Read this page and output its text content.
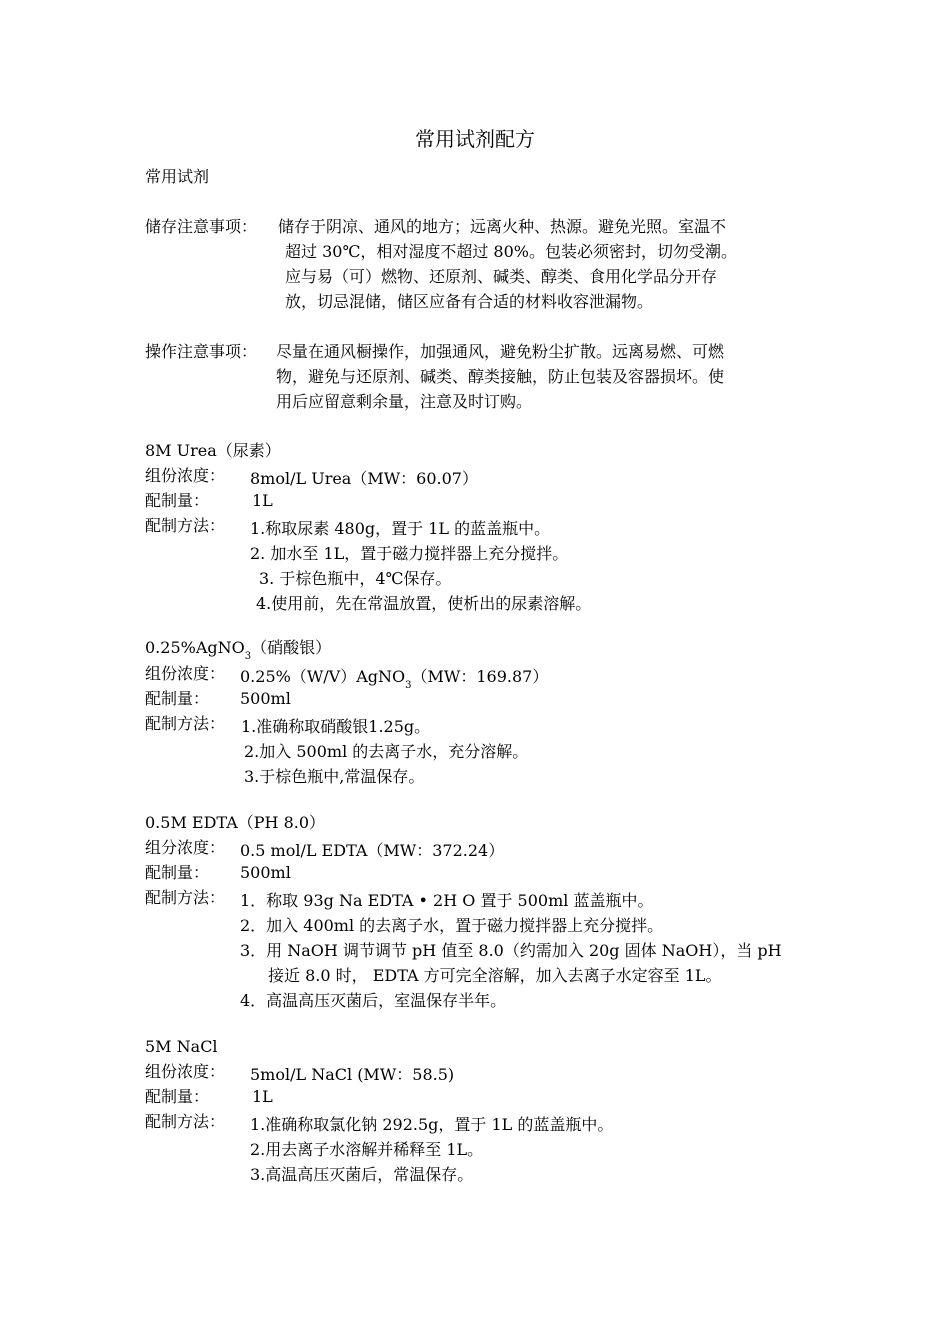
常用试剂配方
常用试剂
储存注意事项： 储存于阴凉、通风的地方；远离火种、热源。避免光照。室温不
超过 30℃，相对湿度不超过 80%。包装必须密封，切勿受潮。
应与易（可）燃物、还原剂、碱类、醇类、食用化学品分开存
放，切忌混储，储区应备有合适的材料收容泄漏物。
操作注意事项： 尽量在通风橱操作，加强通风，避免粉尘扩散。远离易燃、可燃
物，避免与还原剂、碱类、醇类接触，防止包装及容器损坏。使
用后应留意剩余量，注意及时订购。
8M Urea（尿素）
组份浓度： 8mol/L Urea（MW：60.07）
配制量：	1L
配制方法： 1.称取尿素 480g，置于 1L 的蓝盖瓶中。
2. 加水至 1L，置于磁力搅拌器上充分搅拌。
3. 于棕色瓶中，4℃保存。
4.使用前，先在常温放置，使析出的尿素溶解。
0.25%AgNO$_3$（硝酸银）
组份浓度： 0.25%（W/V）AgNO$_3$（MW：169.87）
配制量： 500ml
配制方法： 1.准确称取硝酸银1.25g。
2.加入 500ml 的去离子水，充分溶解。
3.于棕色瓶中,常温保存。
0.5M EDTA（PH 8.0）
组分浓度： 0.5 mol/L EDTA（MW：372.24）
配制量： 500ml
配制方法： 1．称取 93g Na EDTA • 2H O 置于 500ml 蓝盖瓶中。
2．加入 400ml 的去离子水，置于磁力搅拌器上充分搅拌。
3．用 NaOH 调节调节 pH 值至 8.0（约需加入 20g 固体 NaOH），当 pH
接近 8.0 时， EDTA 方可完全溶解，加入去离子水定容至 1L。
4．高温高压灭菌后，室温保存半年。
5M NaCl
组份浓度： 5mol/L NaCl (MW：58.5)
配制量：	1L
配制方法： 1.准确称取氯化钠 292.5g，置于 1L 的蓝盖瓶中。
2.用去离子水溶解并稀释至 1L。
3.高温高压灭菌后，常温保存。
